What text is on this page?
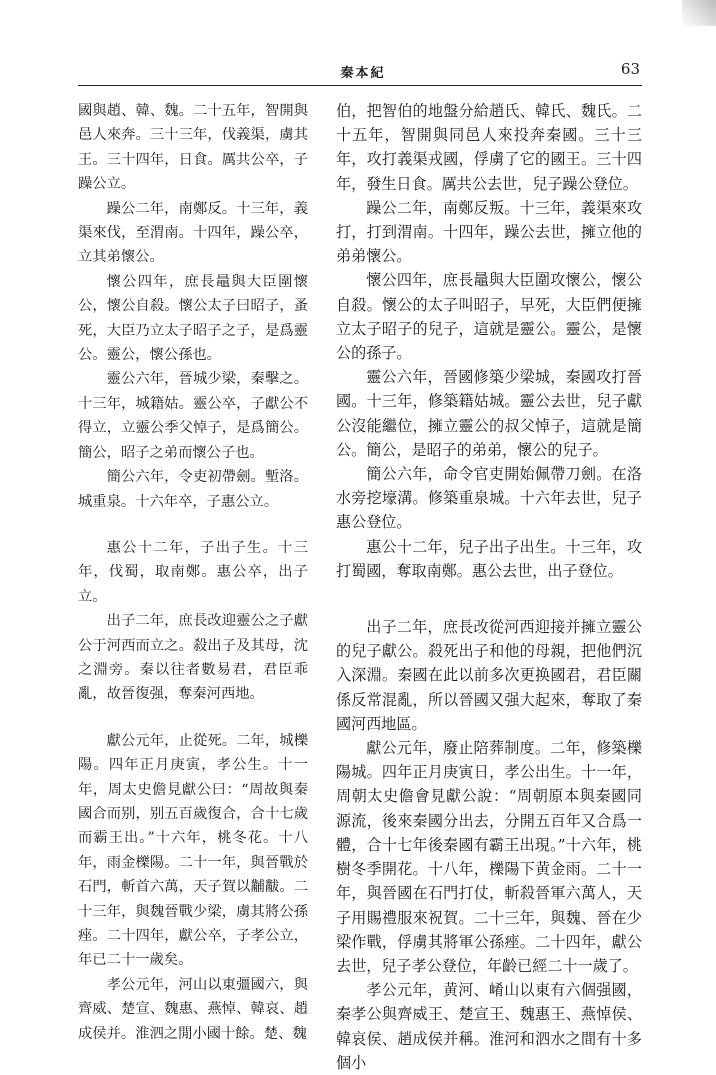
秦本紀	63

國與趙、韓、魏。二十五年，智開與邑人來奔。三十三年，伐義渠，虜其王。三十四年，日食。厲共公卒，子躁公立。

躁公二年，南鄭反。十三年，義渠來伐，至渭南。十四年，躁公卒，立其弟懷公。

懷公四年，庶長鼂與大臣圍懷公，懷公自殺。懷公太子曰昭子，蚤死，大臣乃立太子昭子之子，是爲靈公。靈公，懷公孫也。

靈公六年，晉城少梁，秦擊之。十三年，城籍姑。靈公卒，子獻公不得立，立靈公季父悼子，是爲簡公。簡公，昭子之弟而懷公子也。

簡公六年，令吏初帶劍。塹洛。城重泉。十六年卒，子惠公立。

惠公十二年，子出子生。十三年，伐蜀，取南鄭。惠公卒，出子立。

出子二年，庶長改迎靈公之子獻公于河西而立之。殺出子及其母，沈之淵旁。秦以往者數易君，君臣乖亂，故晉復强，奪秦河西地。

獻公元年，止從死。二年，城櫟陽。四年正月庚寅，孝公生。十一年，周太史儋見獻公曰：“周故與秦國合而别，别五百歲復合，合十七歲而霸王出。”十六年，桃冬花。十八年，雨金櫟陽。二十一年，與晉戰於石門，斬首六萬，天子賀以黼黻。二十三年，與魏晉戰少梁，虜其將公孫痤。二十四年，獻公卒，子孝公立，年已二十一歲矣。

孝公元年，河山以東彊國六，與齊威、楚宣、魏惠、燕悼、韓哀、趙成侯并。淮泗之閒小國十餘。楚、魏

伯，把智伯的地盤分給趙氏、韓氏、魏氏。二十五年，智開與同邑人來投奔秦國。三十三年，攻打義渠戎國，俘虜了它的國王。三十四年，發生日食。厲共公去世，兒子躁公登位。

躁公二年，南鄭反叛。十三年，義渠來攻打，打到渭南。十四年，躁公去世，擁立他的弟弟懷公。

懷公四年，庶長鼂與大臣圍攻懷公，懷公自殺。懷公的太子叫昭子，早死，大臣們便擁立太子昭子的兒子，這就是靈公。靈公，是懷公的孫子。

靈公六年，晉國修築少梁城，秦國攻打晉國。十三年，修築籍姑城。靈公去世，兒子獻公沒能繼位，擁立靈公的叔父悼子，這就是簡公。簡公，是昭子的弟弟，懷公的兒子。

簡公六年，命令官吏開始佩帶刀劍。在洛水旁挖壕溝。修築重泉城。十六年去世，兒子惠公登位。

惠公十二年，兒子出子出生。十三年，攻打蜀國，奪取南鄭。惠公去世，出子登位。

出子二年，庶長改從河西迎接并擁立靈公的兒子獻公。殺死出子和他的母親，把他們沉入深淵。秦國在此以前多次更换國君，君臣關係反常混亂，所以晉國又强大起來，奪取了秦國河西地區。

獻公元年，廢止陪葬制度。二年，修築櫟陽城。四年正月庚寅日，孝公出生。十一年，周朝太史儋會見獻公說：“周朝原本與秦國同源流，後來秦國分出去，分開五百年又合爲一體，合十七年後秦國有霸王出現。”十六年，桃樹冬季開花。十八年，櫟陽下黄金雨。二十一年，與晉國在石門打仗，斬殺晉軍六萬人，天子用賜禮服來祝賀。二十三年，與魏、晉在少梁作戰，俘虜其將軍公孫痤。二十四年，獻公去世，兒子孝公登位，年齡已經二十一歲了。

孝公元年，黄河、崤山以東有六個强國，秦孝公與齊威王、楚宣王、魏惠王、燕悼侯、韓哀侯、趙成侯并稱。淮河和泗水之間有十多個小
